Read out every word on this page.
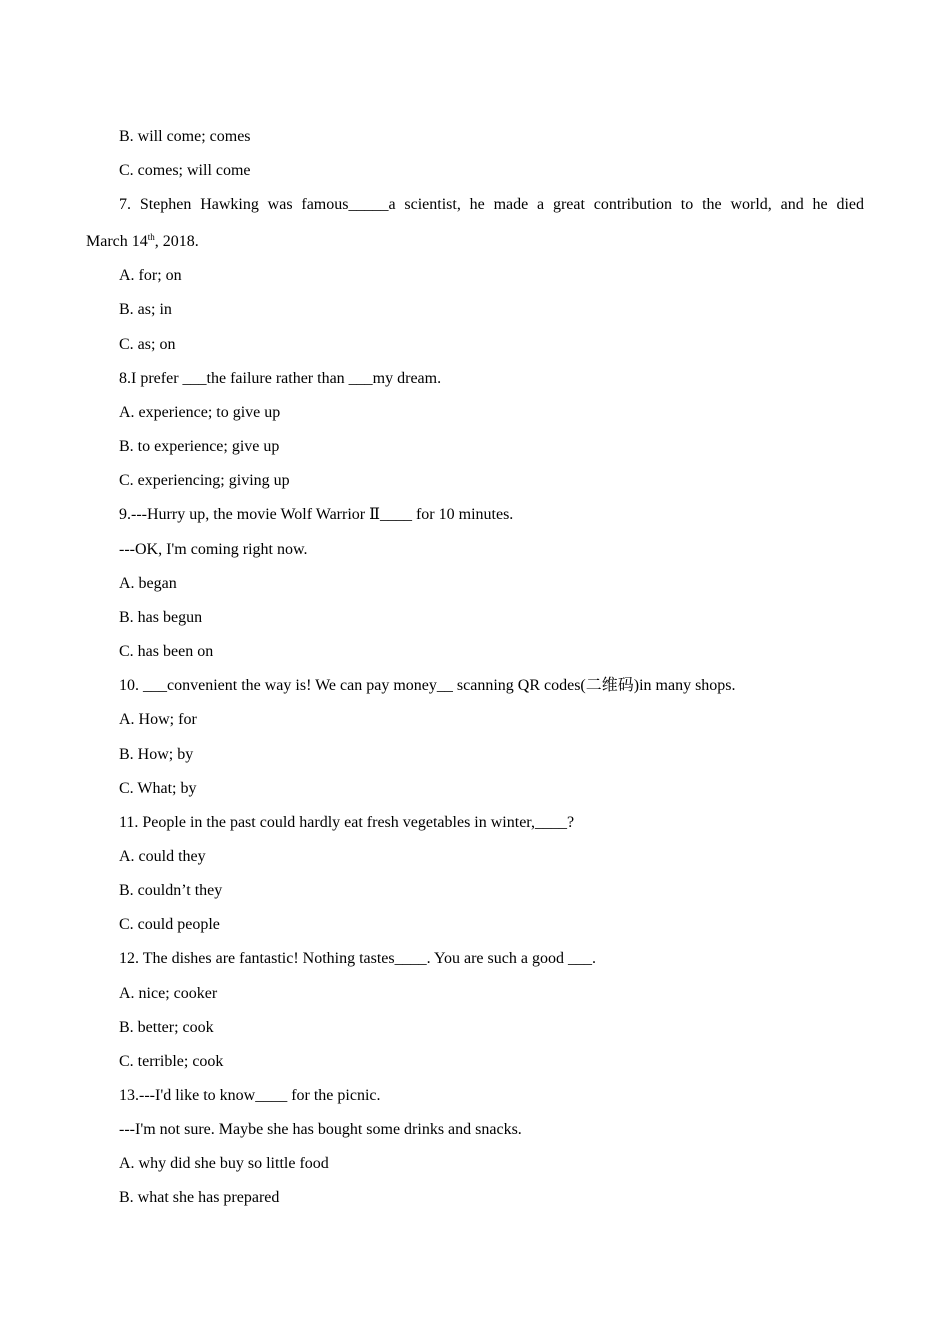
B. will come; comes
C. comes; will come
7. Stephen Hawking was famous_____a scientist, he made a great contribution to the world, and he died
March 14th, 2018.
A. for; on
B. as; in
C. as; on
8.I prefer ___the failure rather than ___my dream.
A. experience; to give up
B. to experience; give up
C. experiencing; giving up
9.---Hurry up, the movie Wolf Warrior Ⅱ____ for 10 minutes.
---OK, I'm coming right now.
A. began
B. has begun
C. has been on
10. ___convenient the way is! We can pay money__ scanning QR codes(二维码)in many shops.
A. How; for
B. How; by
C. What; by
11. People in the past could hardly eat fresh vegetables in winter,____?
A. could they
B. couldn’t they
C. could people
12. The dishes are fantastic! Nothing tastes____. You are such a good ___.
A. nice; cooker
B. better; cook
C. terrible; cook
13.---I'd like to know____ for the picnic.
---I'm not sure. Maybe she has bought some drinks and snacks.
A. why did she buy so little food
B. what she has prepared
